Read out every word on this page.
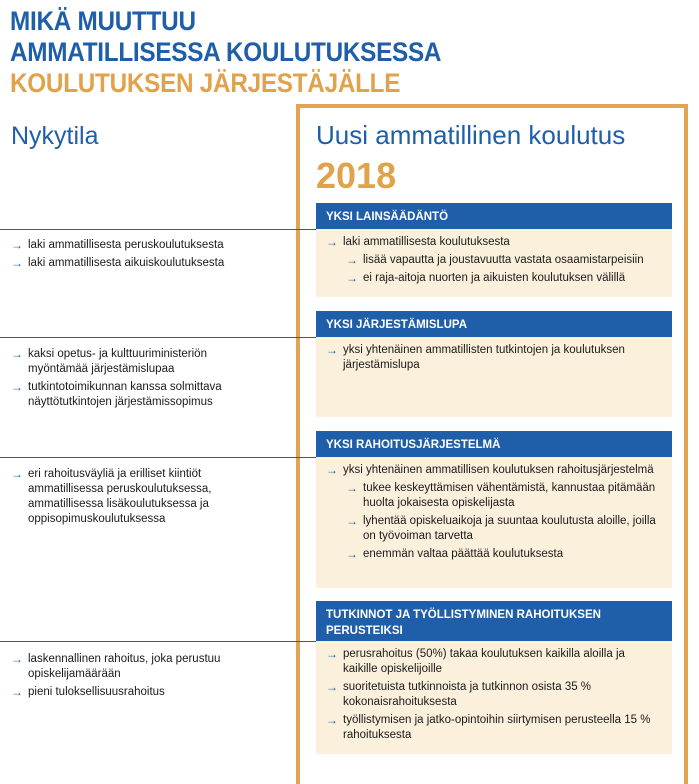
MIKÄ MUUTTUU
AMMATILLISESSA KOULUTUKSESSA
KOULUTUKSEN JÄRJESTÄJÄLLE
Nykytila	Uusi ammatillinen koulutus
2018
YKSI LAINSÄÄDÄNTÖ
→ laki ammatillisesta koulutuksesta
→ lisää vapautta ja joustavuutta vastata osaamistarpeisiin
→ ei raja-aitoja nuorten ja aikuisten koulutuksen välillä
→ laki ammatillisesta peruskoulutuksesta
→ laki ammatillisesta aikuiskoulutuksesta
YKSI JÄRJESTÄMISLUPA
→ yksi yhtenäinen ammatillisten tutkintojen ja koulutuksen järjestämislupa
→ kaksi opetus- ja kulttuuriministeriön myöntämää järjestämislupaa
→ tutkintotoimikunnan kanssa solmittava näyttötutkintojen järjestämissopimus
YKSI RAHOITUSJÄRJESTELMÄ
→ yksi yhtenäinen ammatillisen koulutuksen rahoitusjärjestelmä
→ tukee keskeyttämisen vähentämistä, kannustaa pitämään huolta jokaisesta opiskelijasta
→ lyhentää opiskeluaikoja ja suuntaa koulutusta aloille, joilla on työvoiman tarvetta
→ enemmän valtaa päättää koulutuksesta
→ eri rahoitusväyliä ja erilliset kiintiöt ammatillisessa peruskoulutuksessa, ammatillisessa lisäkoulutuksessa ja oppisopimuskoulutuksessa
TUTKINNOT JA TYÖLLISTYMINEN RAHOITUKSEN PERUSTEIKSI
→ perusrahoitus (50%) takaa koulutuksen kaikilla aloilla ja kaikille opiskelijoille
→ suoritetuista tutkinnoista ja tutkinnon osista 35 % kokonaisrahoituksesta
→ työllistymisen ja jatko-opintoihin siirtymisen perusteella 15 % rahoituksesta
→ laskennallinen rahoitus, joka perustuu opiskelijamäärään
→ pieni tuloksellisuusrahoitus
